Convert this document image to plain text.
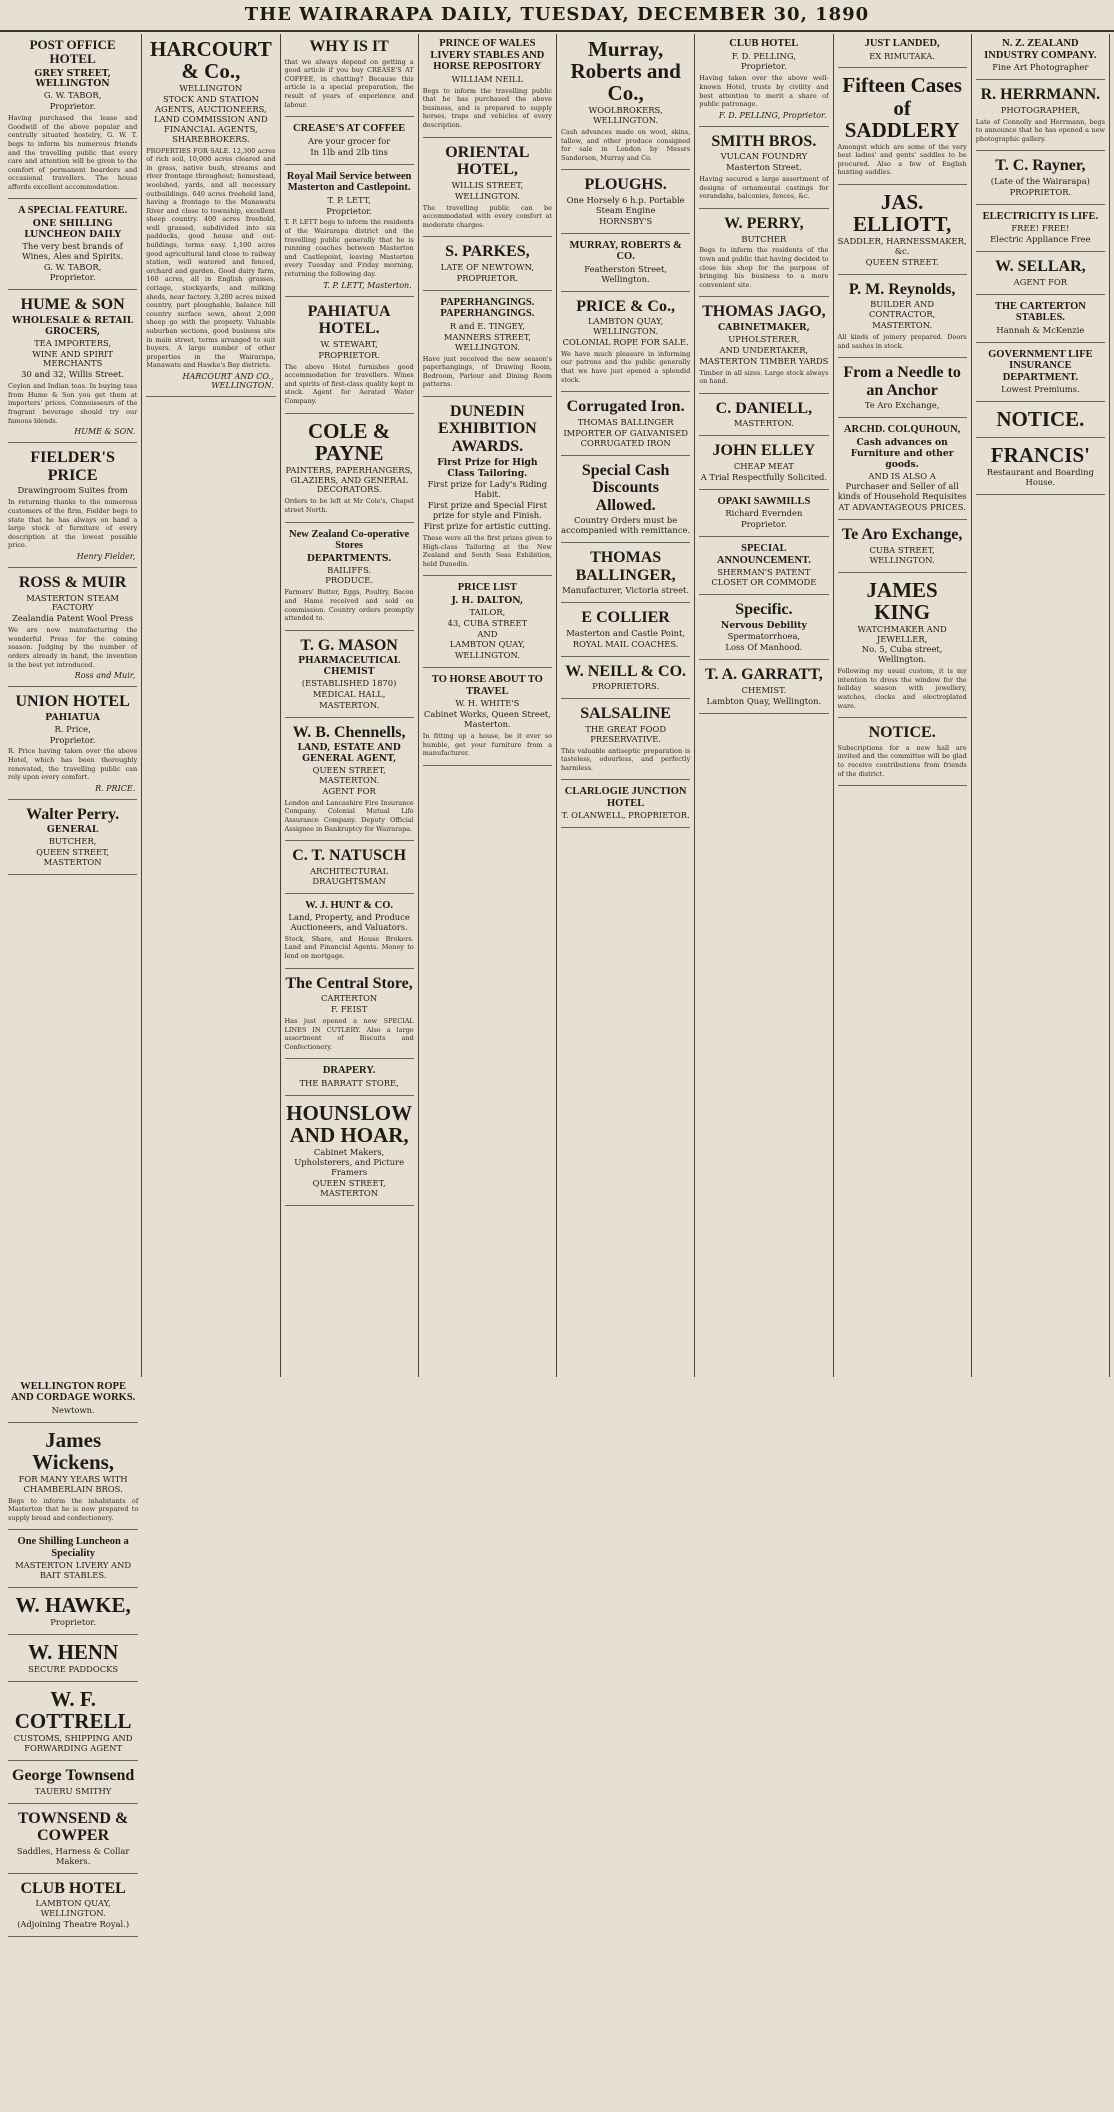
THE WAIRARAPA DAILY, TUESDAY, DECEMBER 30, 1890
POST OFFICE HOTEL
GREY STREET, WELLINGTON
G. W. TABOR,
Proprietor.
Having purchased the lease and Goodwill of the above popular and centrally situated hostelry, G. W. T. begs to inform his numerous friends and the travelling public that every care and attention will be given to the comfort of permanent boarders and occasional travellers. The house affords excellent accommodation.
A SPECIAL FEATURE.
ONE SHILLING LUNCHEON DAILY
The very best brands of Wines, Ales and Spirits.
G. W. TABOR,
Proprietor.
HUME & SON
WHOLESALE & RETAIL GROCERS,
TEA IMPORTERS,
WINE AND SPIRIT MERCHANTS
30 and 32, Willis Street.
Ceylon and Indian teas. In buying teas from Hume & Son you get them at importers' prices. Connoisseurs of the fragrant beverage should try our famous blends.
HUME & SON.
FIELDER'S PRICE
Drawingroom Suites from
In returning thanks to the numerous customers of the firm, Fielder begs to state that he has always on hand a large stock of furniture of every description at the lowest possible price.
Henry Fielder,
ROSS & MUIR
MASTERTON STEAM FACTORY
Zealandia Patent Wool Press
We are now manufacturing the wonderful Press for the coming season. Judging by the number of orders already in hand, the invention is the best yet introduced.
Ross and Muir,
UNION HOTEL
PAHIATUA
R. Price,
Proprietor.
R. Price having taken over the above Hotel, which has been thoroughly renovated, the travelling public can rely upon every comfort.
R. PRICE.
Walter Perry.
GENERAL
BUTCHER,
QUEEN STREET, MASTERTON
HARCOURT & Co.,
WELLINGTON
STOCK AND STATION AGENTS, AUCTIONEERS, LAND COMMISSION AND FINANCIAL AGENTS, SHAREBROKERS.
PROPERTIES FOR SALE. 12,300 acres of rich soil, 10,000 acres cleared and in grass, native bush, streams and river frontage throughout; homestead, woolshed, yards, and all necessary outbuildings. 640 acres freehold land, having a frontage to the Manawatu River and close to township, excellent sheep country. 400 acres freehold, well grassed, subdivided into six paddocks, good house and out-buildings, terms easy. 1,100 acres good agricultural land close to railway station, well watered and fenced, orchard and garden. Good dairy farm, 160 acres, all in English grasses, cottage, stockyards, and milking sheds, near factory. 3,200 acres mixed country, part ploughable, balance hill country surface sown, about 2,000 sheep go with the property. Valuable suburban sections, good business site in main street, terms arranged to suit buyers. A large number of other properties in the Wairarapa, Manawatu and Hawke's Bay districts.
HARCOURT AND CO., WELLINGTON.
WHY IS IT
that we always depend on getting a good article if you buy CREASE'S AT COFFEE, in chatting? Because this article is a special preparation, the result of years of experience and labour.
CREASE'S AT COFFEE
Are your grocer for
In 1lb and 2lb tins
Royal Mail Service between Masterton and Castlepoint.
T. P. LETT,
Proprietor.
T. P. LETT begs to inform the residents of the Wairarapa district and the travelling public generally that he is running coaches between Masterton and Castlepoint, leaving Masterton every Tuesday and Friday morning, returning the following day.
T. P. LETT, Masterton.
PAHIATUA HOTEL.
W. STEWART,
PROPRIETOR.
The above Hotel furnishes good accommodation for travellers. Wines and spirits of first-class quality kept in stock. Agent for Aerated Water Company.
COLE & PAYNE
PAINTERS, PAPERHANGERS, GLAZIERS, AND GENERAL DECORATORS.
Orders to be left at Mr Cole's, Chapel street North.
New Zealand Co-operative Stores
DEPARTMENTS.
BAILIFFS.
PRODUCE.
Farmers' Butter, Eggs, Poultry, Bacon and Hams received and sold on commission. Country orders promptly attended to.
T. G. MASON
PHARMACEUTICAL CHEMIST
(ESTABLISHED 1870)
MEDICAL HALL,
MASTERTON.
W. B. Chennells,
LAND, ESTATE AND GENERAL AGENT,
QUEEN STREET, MASTERTON.
AGENT FOR
London and Lancashire Fire Insurance Company. Colonial Mutual Life Assurance Company. Deputy Official Assignee in Bankruptcy for Wairarapa.
C. T. NATUSCH
ARCHITECTURAL DRAUGHTSMAN
W. J. HUNT & CO.
Land, Property, and Produce Auctioneers, and Valuators.
Stock, Share, and House Brokers. Land and Financial Agents. Money to lend on mortgage.
The Central Store,
CARTERTON
F. FEIST
Has just opened a new SPECIAL LINES IN CUTLERY. Also a large assortment of Biscuits and Confectionery.
DRAPERY.
THE BARRATT STORE,
HOUNSLOW AND HOAR,
Cabinet Makers, Upholsterers, and Picture Framers
QUEEN STREET, MASTERTON
PRINCE OF WALES LIVERY STABLES AND HORSE REPOSITORY
WILLIAM NEILL
Begs to inform the travelling public that he has purchased the above business, and is prepared to supply horses, traps and vehicles of every description.
ORIENTAL HOTEL,
WILLIS STREET,
WELLINGTON.
The travelling public can be accommodated with every comfort at moderate charges.
S. PARKES,
LATE OF NEWTOWN,
PROPRIETOR.
PAPERHANGINGS. PAPERHANGINGS.
R and E. TINGEY,
MANNERS STREET, WELLINGTON.
Have just received the new season's paperhangings, of Drawing Room, Bedroom, Parlour and Dining Room patterns.
DUNEDIN EXHIBITION AWARDS.
First Prize for High Class Tailoring.
First prize for Lady's Riding Habit.
First prize and Special First prize for style and Finish.
First prize for artistic cutting.
These were all the first prizes given to High-class Tailoring at the New Zealand and South Seas Exhibition, held Dunedin.
PRICE LIST
J. H. DALTON,
TAILOR,
43, CUBA STREET
AND
LAMBTON QUAY,
WELLINGTON.
TO HORSE ABOUT TO TRAVEL
W. H. WHITE'S
Cabinet Works, Queen Street, Masterton.
In fitting up a house, be it ever so humble, get your furniture from a manufacturer.
Murray, Roberts and Co.,
WOOLBROKERS, WELLINGTON.
Cash advances made on wool, skins, tallow, and other produce consigned for sale in London by Messrs Sanderson, Murray and Co.
PLOUGHS.
One Horsely 6 h.p. Portable Steam Engine
HORNSBY'S
MURRAY, ROBERTS & CO.
Featherston Street, Wellington.
PRICE & Co.,
LAMBTON QUAY, WELLINGTON.
COLONIAL ROPE FOR SALE.
We have much pleasure in informing our patrons and the public generally that we have just opened a splendid stock.
Corrugated Iron.
THOMAS BALLINGER
IMPORTER OF GALVANISED CORRUGATED IRON
Special Cash Discounts Allowed.
Country Orders must be accompanied with remittance.
THOMAS BALLINGER,
Manufacturer, Victoria street.
E COLLIER
Masterton and Castle Point,
ROYAL MAIL COACHES.
W. NEILL & CO.
PROPRIETORS.
SALSALINE
THE GREAT FOOD PRESERVATIVE.
This valuable antiseptic preparation is tasteless, odourless, and perfectly harmless.
CLARLOGIE JUNCTION HOTEL
T. OLANWELL, PROPRIETOR.
CLUB HOTEL
F. D. PELLING,
Proprietor.
Having taken over the above well-known Hotel, trusts by civility and best attention to merit a share of public patronage.
F. D. PELLING, Proprietor.
SMITH BROS.
VULCAN FOUNDRY
Masterton Street.
Having secured a large assortment of designs of ornamental castings for verandahs, balconies, fences, &c.
W. PERRY,
BUTCHER
Begs to inform the residents of the town and public that having decided to close his shop for the purpose of bringing his business to a more convenient site.
THOMAS JAGO,
CABINETMAKER,
UPHOLSTERER,
AND UNDERTAKER,
MASTERTON TIMBER YARDS
Timber in all sizes. Large stock always on hand.
C. DANIELL,
MASTERTON.
JOHN ELLEY
CHEAP MEAT
A Trial Respectfully Solicited.
OPAKI SAWMILLS
Richard Evernden
Proprietor.
SPECIAL ANNOUNCEMENT.
SHERMAN'S PATENT CLOSET OR COMMODE
Specific.
Nervous Debility
Spermatorrhoea,
Loss Of Manhood.
T. A. GARRATT,
CHEMIST.
Lambton Quay, Wellington.
JUST LANDED,
EX RIMUTAKA.
Fifteen Cases of SADDLERY
Amongst which are some of the very best ladies' and gents' saddles to be procured. Also a few of English hunting saddles.
JAS. ELLIOTT,
SADDLER, HARNESSMAKER, &c.
QUEEN STREET.
P. M. Reynolds,
BUILDER AND CONTRACTOR,
MASTERTON.
All kinds of joinery prepared. Doors and sashes in stock.
From a Needle to an Anchor
Te Aro Exchange,
ARCHD. COLQUHOUN,
Cash advances on Furniture and other goods.
AND IS ALSO A
Purchaser and Seller of all kinds of Household Requisites
AT ADVANTAGEOUS PRICES.
Te Aro Exchange,
CUBA STREET, WELLINGTON.
JAMES KING
WATCHMAKER AND JEWELLER,
No. 5, Cuba street, Wellington.
Following my usual custom, it is my intention to dress the window for the holiday season with jewellery, watches, clocks and electroplated ware.
NOTICE.
Subscriptions for a new hall are invited and the committee will be glad to receive contributions from friends of the district.
N. Z. ZEALAND INDUSTRY COMPANY.
Fine Art Photographer
R. HERRMANN.
PHOTOGRAPHER,
Late of Connolly and Herrmann, begs to announce that he has opened a new photographic gallery.
T. C. Rayner,
(Late of the Wairarapa)
PROPRIETOR.
ELECTRICITY IS LIFE.
FREE! FREE!
Electric Appliance Free
W. SELLAR,
AGENT FOR
THE CARTERTON STABLES.
Hannah & McKenzie
GOVERNMENT LIFE INSURANCE DEPARTMENT.
Lowest Premiums.
NOTICE.
FRANCIS'
Restaurant and Boarding House.
WELLINGTON ROPE AND CORDAGE WORKS.
Newtown.
James Wickens,
FOR MANY YEARS WITH CHAMBERLAIN BROS.
Begs to inform the inhabitants of Masterton that he is now prepared to supply bread and confectionery.
One Shilling Luncheon a Speciality
MASTERTON LIVERY AND BAIT STABLES.
W. HAWKE,
Proprietor.
W. HENN
SECURE PADDOCKS
W. F. COTTRELL
CUSTOMS, SHIPPING AND FORWARDING AGENT
George Townsend
TAUERU SMITHY
TOWNSEND & COWPER
Saddles, Harness & Collar Makers.
CLUB HOTEL
LAMBTON QUAY, WELLINGTON.
(Adjoining Theatre Royal.)
